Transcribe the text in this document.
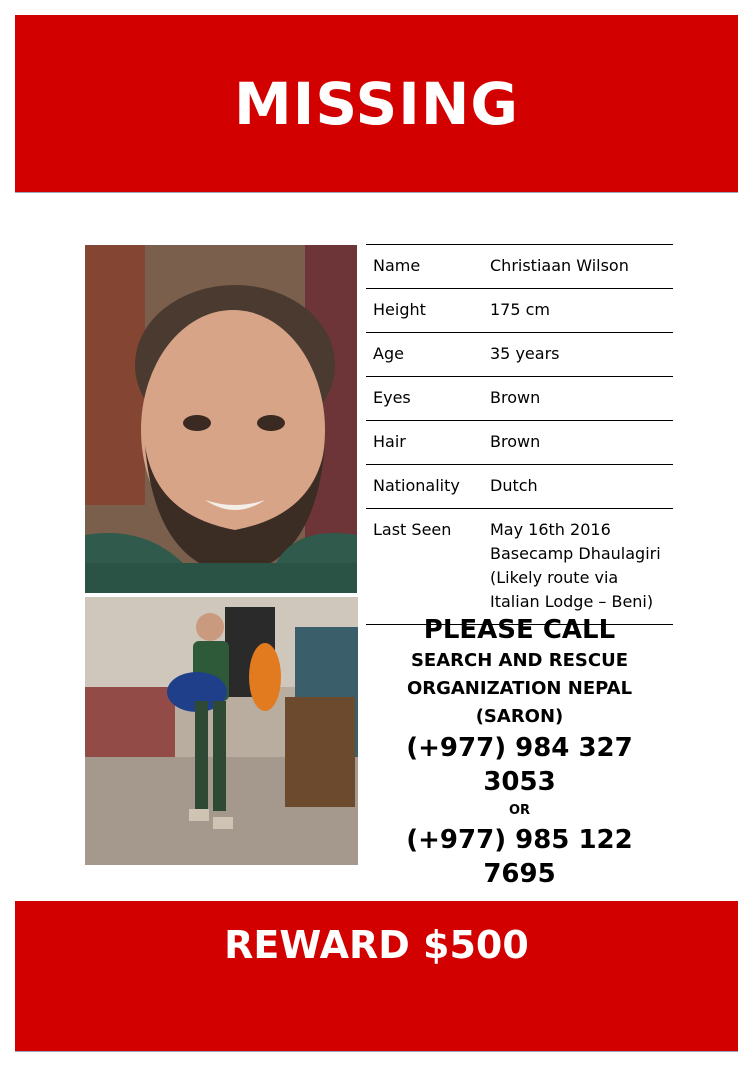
MISSING
Name	Christiaan Wilson

Height	175 cm

Age	35 years

Eyes	Brown

Hair	Brown

Nationality	Dutch

Last Seen	May 16th 2016
Basecamp Dhaulagiri
(Likely route via
Italian Lodge – Beni)
PLEASE CALL
SEARCH AND RESCUE
ORGANIZATION NEPAL
(SARON)
(+977) 984 327 3053
OR
(+977) 985 122 7695
REWARD $500
